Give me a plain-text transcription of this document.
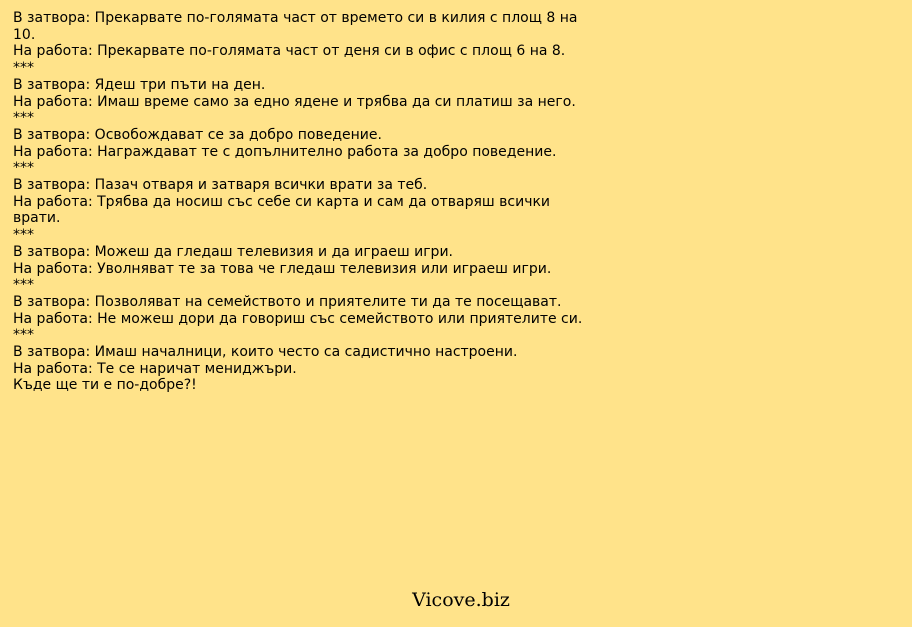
В затвора: Прекарвате по-голямата част от времето си в килия с площ 8 на 10.
На работа: Прекарвате по-голямата част от деня си в офис с площ 6 на 8.
***
В затвора: Ядеш три пъти на ден.
На работа: Имаш време само за едно ядене и трябва да си платиш за него.
***
В затвора: Освобождават се за добро поведение.
На работа: Награждават те с допълнително работа за добро поведение.
***
В затвора: Пазач отваря и затваря всички врати за теб.
На работа: Трябва да носиш със себе си карта и сам да отваряш всички врати.
***
В затвора: Можеш да гледаш телевизия и да играеш игри.
На работа: Уволняват те за това че гледаш телевизия или играеш игри.
***
В затвора: Позволяват на семейството и приятелите ти да те посещават.
На работа: Не можеш дори да говориш със семейството или приятелите си.
***
В затвора: Имаш началници, които често са садистично настроени.
На работа: Те се наричат мениджъри.
Къде ще ти е по-добре?!
Vicove.biz
